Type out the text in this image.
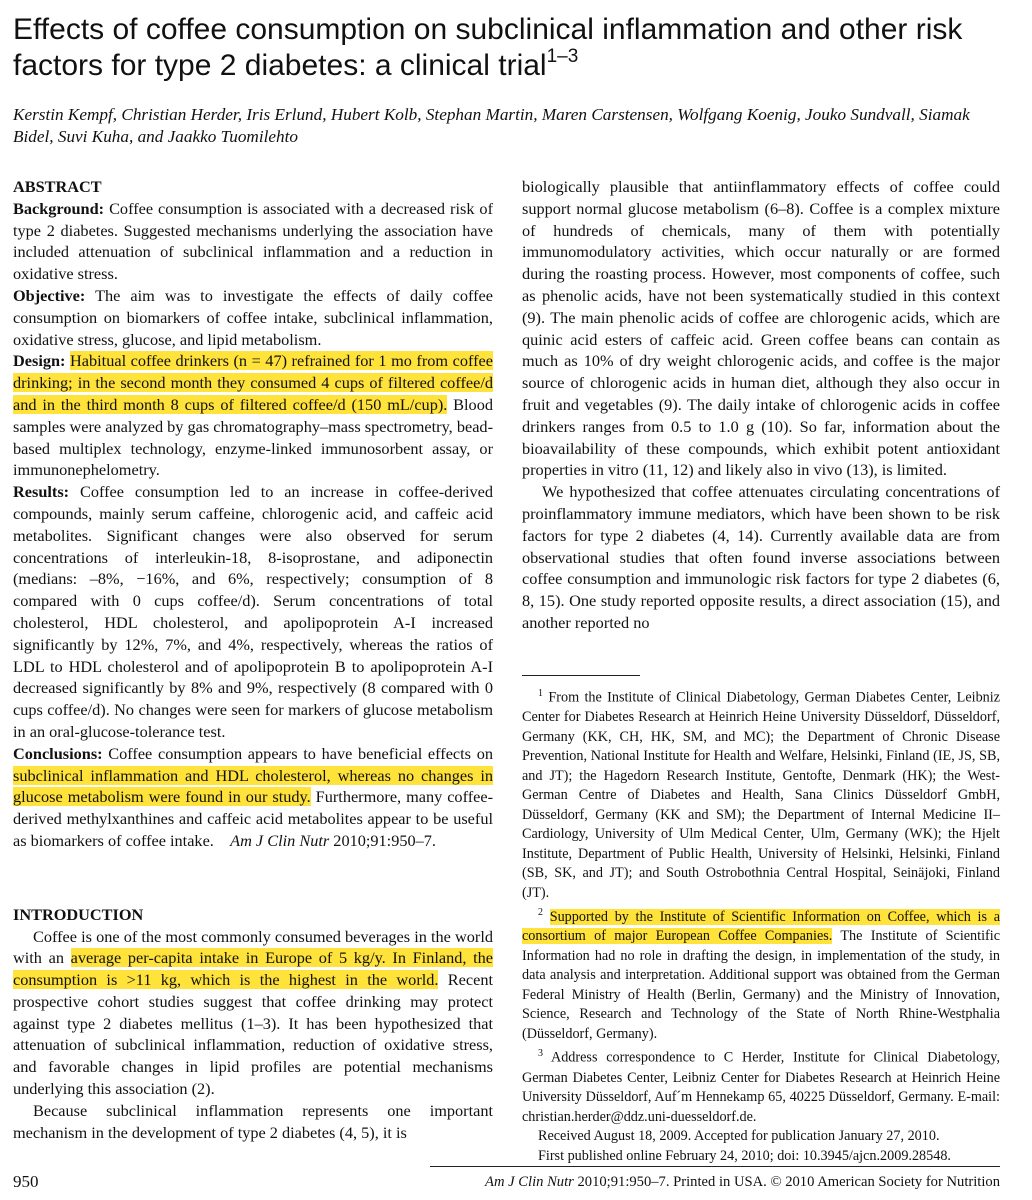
Effects of coffee consumption on subclinical inflammation and other risk factors for type 2 diabetes: a clinical trial$^{1-3}$
Kerstin Kempf, Christian Herder, Iris Erlund, Hubert Kolb, Stephan Martin, Maren Carstensen, Wolfgang Koenig, Jouko Sundvall, Siamak Bidel, Suvi Kuha, and Jaakko Tuomilehto

ABSTRACT

Background: Coffee consumption is associated with a decreased risk of type 2 diabetes. Suggested mechanisms underlying the association have included attenuation of subclinical inflammation and a reduction in oxidative stress.

Objective: The aim was to investigate the effects of daily coffee consumption on biomarkers of coffee intake, subclinical inflammation, oxidative stress, glucose, and lipid metabolism.

Design: Habitual coffee drinkers (n = 47) refrained for 1 mo from coffee drinking; in the second month they consumed 4 cups of filtered coffee/d and in the third month 8 cups of filtered coffee/d (150 mL/cup). Blood samples were analyzed by gas chromatography–mass spectrometry, bead-based multiplex technology, enzyme-linked immunosorbent assay, or immunonephelometry.

Results: Coffee consumption led to an increase in coffee-derived compounds, mainly serum caffeine, chlorogenic acid, and caffeic acid metabolites. Significant changes were also observed for serum concentrations of interleukin-18, 8-isoprostane, and adiponectin (medians: –8%, −16%, and 6%, respectively; consumption of 8 compared with 0 cups coffee/d). Serum concentrations of total cholesterol, HDL cholesterol, and apolipoprotein A-I increased significantly by 12%, 7%, and 4%, respectively, whereas the ratios of LDL to HDL cholesterol and of apolipoprotein B to apolipoprotein A-I decreased significantly by 8% and 9%, respectively (8 compared with 0 cups coffee/d). No changes were seen for markers of glucose metabolism in an oral-glucose-tolerance test.

Conclusions: Coffee consumption appears to have beneficial effects on subclinical inflammation and HDL cholesterol, whereas no changes in glucose metabolism were found in our study. Furthermore, many coffee-derived methylxanthines and caffeic acid metabolites appear to be useful as biomarkers of coffee intake. Am J Clin Nutr 2010;91:950–7.

INTRODUCTION

Coffee is one of the most commonly consumed beverages in the world with an average per-capita intake in Europe of 5 kg/y. In Finland, the consumption is >11 kg, which is the highest in the world. Recent prospective cohort studies suggest that coffee drinking may protect against type 2 diabetes mellitus (1–3). It has been hypothesized that attenuation of subclinical inflammation, reduction of oxidative stress, and favorable changes in lipid profiles are potential mechanisms underlying this association (2).

Because subclinical inflammation represents one important mechanism in the development of type 2 diabetes (4, 5), it is

biologically plausible that antiinflammatory effects of coffee could support normal glucose metabolism (6–8). Coffee is a complex mixture of hundreds of chemicals, many of them with potentially immunomodulatory activities, which occur naturally or are formed during the roasting process. However, most components of coffee, such as phenolic acids, have not been systematically studied in this context (9). The main phenolic acids of coffee are chlorogenic acids, which are quinic acid esters of caffeic acid. Green coffee beans can contain as much as 10% of dry weight chlorogenic acids, and coffee is the major source of chlorogenic acids in human diet, although they also occur in fruit and vegetables (9). The daily intake of chlorogenic acids in coffee drinkers ranges from 0.5 to 1.0 g (10). So far, information about the bioavailability of these compounds, which exhibit potent antioxidant properties in vitro (11, 12) and likely also in vivo (13), is limited.

We hypothesized that coffee attenuates circulating concentrations of proinflammatory immune mediators, which have been shown to be risk factors for type 2 diabetes (4, 14). Currently available data are from observational studies that often found inverse associations between coffee consumption and immunologic risk factors for type 2 diabetes (6, 8, 15). One study reported opposite results, a direct association (15), and another reported no

$^1$ From the Institute of Clinical Diabetology, German Diabetes Center, Leibniz Center for Diabetes Research at Heinrich Heine University Düsseldorf, Düsseldorf, Germany (KK, CH, HK, SM, and MC); the Department of Chronic Disease Prevention, National Institute for Health and Welfare, Helsinki, Finland (IE, JS, SB, and JT); the Hagedorn Research Institute, Gentofte, Denmark (HK); the West-German Centre of Diabetes and Health, Sana Clinics Düsseldorf GmbH, Düsseldorf, Germany (KK and SM); the Department of Internal Medicine II– Cardiology, University of Ulm Medical Center, Ulm, Germany (WK); the Hjelt Institute, Department of Public Health, University of Helsinki, Helsinki, Finland (SB, SK, and JT); and South Ostrobothnia Central Hospital, Seinäjoki, Finland (JT).

$^2$ Supported by the Institute of Scientific Information on Coffee, which is a consortium of major European Coffee Companies. The Institute of Scientific Information had no role in drafting the design, in implementation of the study, in data analysis and interpretation. Additional support was obtained from the German Federal Ministry of Health (Berlin, Germany) and the Ministry of Innovation, Science, Research and Technology of the State of North Rhine-Westphalia (Düsseldorf, Germany).

$^3$ Address correspondence to C Herder, Institute for Clinical Diabetology, German Diabetes Center, Leibniz Center for Diabetes Research at Heinrich Heine University Düsseldorf, Auf´m Hennekamp 65, 40225 Düsseldorf, Germany. E-mail: christian.herder@ddz.uni-duesseldorf.de.

Received August 18, 2009. Accepted for publication January 27, 2010.

First published online February 24, 2010; doi: 10.3945/ajcn.2009.28548.

950	Am J Clin Nutr 2010;91:950–7. Printed in USA. © 2010 American Society for Nutrition
